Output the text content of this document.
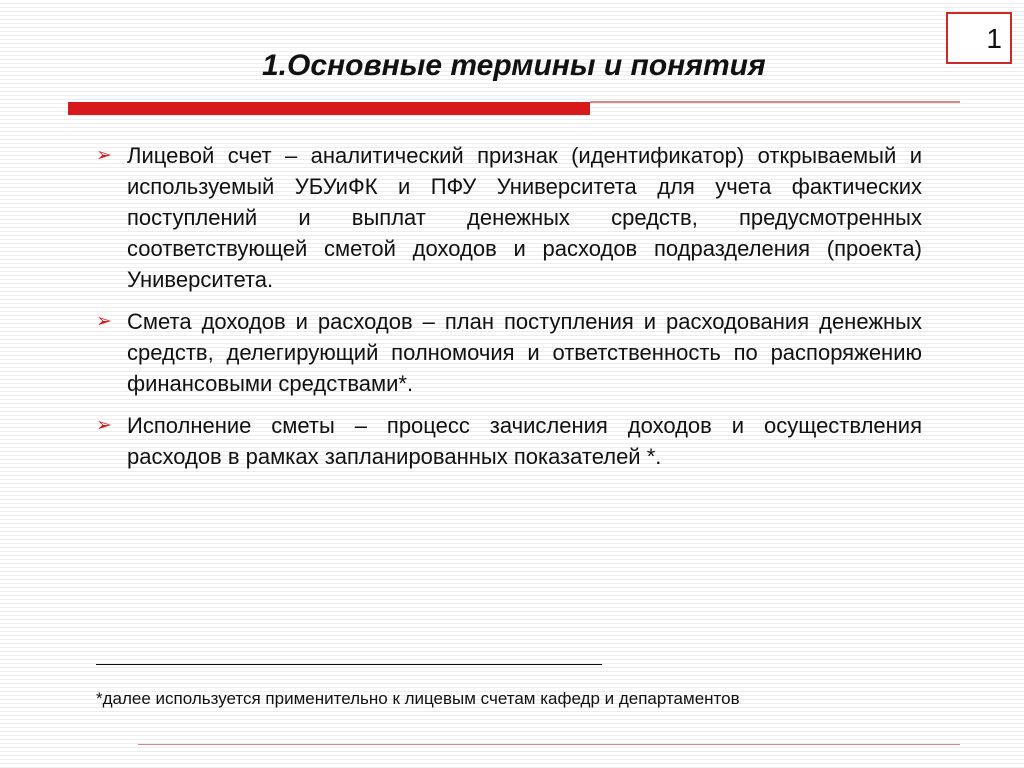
1
1.Основные термины и понятия
➢ Лицевой счет – аналитический признак (идентификатор) открываемый и используемый УБУиФК и ПФУ Университета для учета фактических поступлений и выплат денежных средств, предусмотренных соответствующей сметой доходов и расходов подразделения (проекта) Университета.
➢ Смета доходов и расходов – план поступления и расходования денежных средств, делегирующий полномочия и ответственность по распоряжению финансовыми средствами*.
➢ Исполнение сметы – процесс зачисления доходов и осуществления расходов в рамках запланированных показателей *.
*далее используется применительно к лицевым счетам кафедр и департаментов
